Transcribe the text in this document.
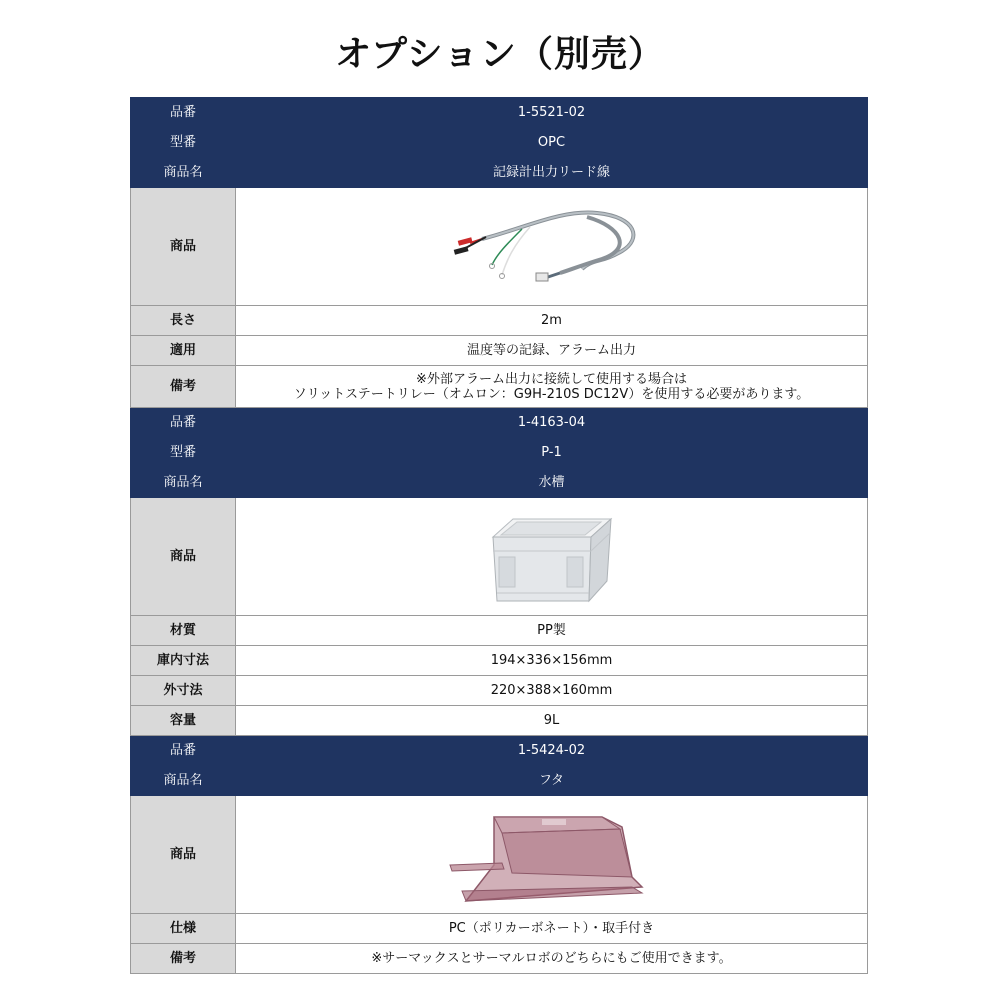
オプション（別売）
品番	1-5521-02
型番	OPC
商品名	記録計出力リード線
商品	

長さ	2m
適用	温度等の記録、アラーム出力
備考	※外部アラーム出力に接続して使用する場合は
ソリットステートリレー（オムロン：G9H-210S DC12V）を使用する必要があります。

品番	1-4163-04
型番	P-1
商品名	水槽
商品	

材質	PP製
庫内寸法	194×336×156mm
外寸法	220×388×160mm
容量	9L
品番	1-5424-02
商品名	フタ
商品	

仕様	PC（ポリカーボネート）・取手付き
備考	※サーマックスとサーマルロボのどちらにもご使用できます。
